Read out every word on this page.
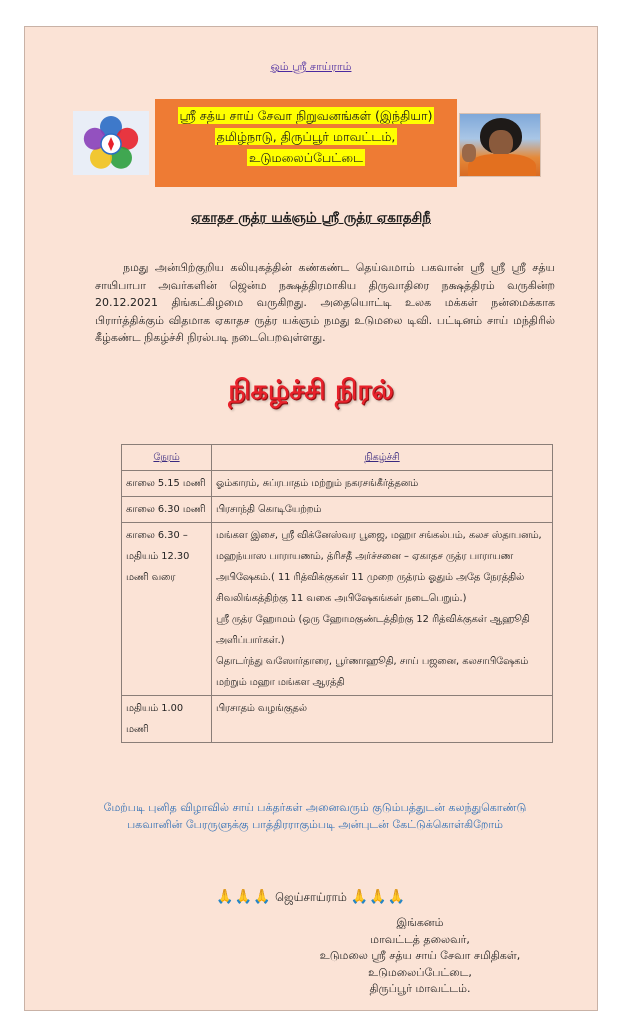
ஓம் ஸ்ரீ சாய்ராம்
ஸ்ரீ சத்ய சாய் சேவா நிறுவனங்கள் (இந்தியா)
தமிழ்நாடு, திருப்பூர் மாவட்டம்,
உடுமலைப்பேட்டை
ஏகாதச ருத்ர யக்ஞம் ஸ்ரீ ருத்ர ஏகாதசிநீ

நமது அன்பிற்குறிய கலியுகத்தின் கண்கண்ட தெய்வமாம் பகவான் ஸ்ரீ ஸ்ரீ ஸ்ரீ சத்ய சாயிபாபா அவர்களின் ஜென்ம நக்ஷத்திரமாகிய திருவாதிரை நக்ஷத்திரம் வருகின்ற 20.12.2021 திங்கட்கிழமை வருகிறது. அதையொட்டி உலக மக்கள் நன்மைக்காக பிரார்த்திக்கும் விதமாக ஏகாதச ருத்ர யக்ஞம் நமது உடுமலை டிவி. பட்டினம் சாய் மந்திரில் கீழ்கண்ட நிகழ்ச்சி நிரல்படி நடைபெறவுள்ளது.

நிகழ்ச்சி நிரல்
நேரம்	நிகழ்ச்சி
காலை 5.15 மணி	ஓம்காரம், சுப்ரபாதம் மற்றும் நகரசங்கீர்த்தனம்
காலை 6.30 மணி	பிரசாந்தி கொடியேற்றம்
காலை 6.30 – மதியம் 12.30 மணி வரை	மங்கள இசை, ஸ்ரீ விக்னேஸ்வர பூஜை, மஹா சங்கல்பம், கலச ஸ்தாபனம், மஹந்யாஸ பாராயணம், த்ரிசதீ அர்ச்சனை – ஏகாதச ருத்ர பாராயண அபிஷேகம்.( 11 ரித்விக்குகள் 11 முறை ருத்ரம் ஓதும் அதே நேரத்தில் சிவலிங்கத்திற்கு 11 வகை அபிஷேகங்கள் நடைபெறும்.)
ஸ்ரீ ருத்ர ஹோமம் (ஒரு ஹோமகுண்டத்திற்கு 12 ரித்விக்குகள் ஆஹூதி அளிப்பார்கள்.)
தொடர்ந்து வஸோர்தாரை, பூர்ணாஹூதி, சாய் பஜனை, கலசாபிஷேகம் மற்றும் மஹா மங்கள ஆரத்தி

மதியம் 1.00 மணி	பிரசாதம் வழங்குதல்

மேற்படி புனித விழாவில் சாய் பக்தர்கள் அனைவரும் குடும்பத்துடன் கலந்துகொண்டு பகவானின் பேரருளுக்கு பாத்திரராகும்படி அன்புடன் கேட்டுக்கொள்கிறோம்

🙏🙏🙏 ஜெய்சாய்ராம் 🙏🙏🙏
இங்கனம்
மாவட்டத் தலைவர்,
உடுமலை ஸ்ரீ சத்ய சாய் சேவா சமிதிகள்,
உடுமலைப்பேட்டை,
திருப்பூர் மாவட்டம்.
